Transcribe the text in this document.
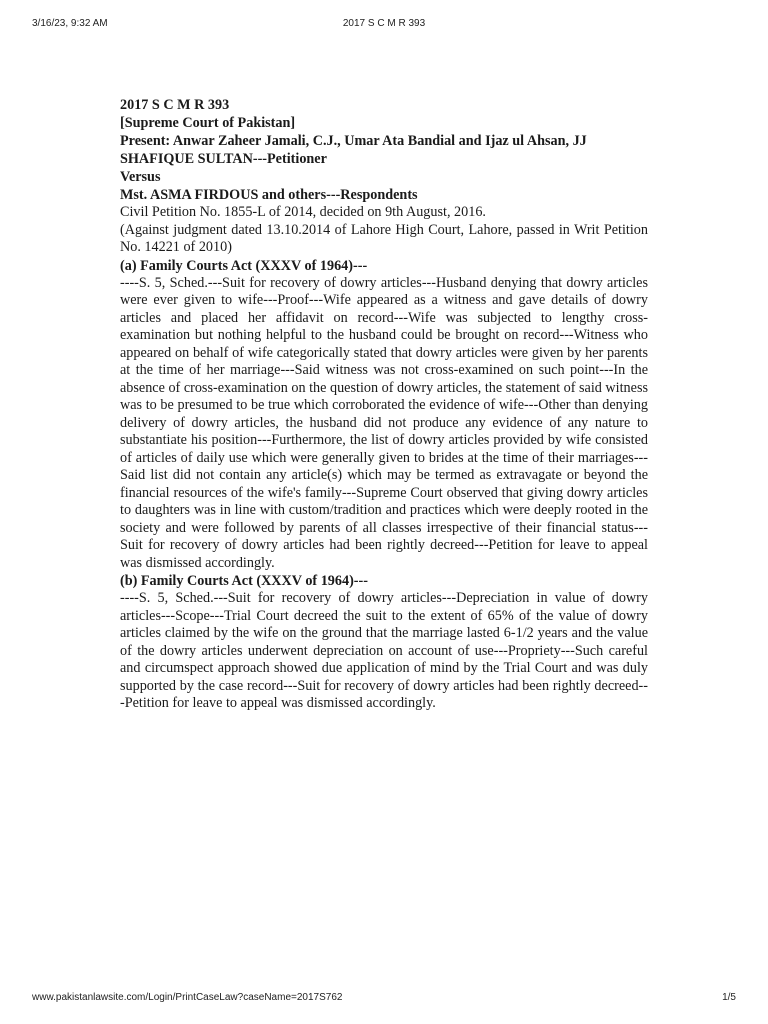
3/16/23, 9:32 AM	2017 S C M R 393

2017 S C M R 393

[Supreme Court of Pakistan]

Present: Anwar Zaheer Jamali, C.J., Umar Ata Bandial and Ijaz ul Ahsan, JJ

SHAFIQUE SULTAN---Petitioner

Versus

Mst. ASMA FIRDOUS and others---Respondents

Civil Petition No. 1855-L of 2014, decided on 9th August, 2016.

(Against judgment dated 13.10.2014 of Lahore High Court, Lahore, passed in Writ Petition No. 14221 of 2010)

(a) Family Courts Act (XXXV of 1964)---

----S. 5, Sched.---Suit for recovery of dowry articles---Husband denying that dowry articles were ever given to wife---Proof---Wife appeared as a witness and gave details of dowry articles and placed her affidavit on record---Wife was subjected to lengthy cross-examination but nothing helpful to the husband could be brought on record---Witness who appeared on behalf of wife categorically stated that dowry articles were given by her parents at the time of her marriage---Said witness was not cross-examined on such point---In the absence of cross-examination on the question of dowry articles, the statement of said witness was to be presumed to be true which corroborated the evidence of wife---Other than denying delivery of dowry articles, the husband did not produce any evidence of any nature to substantiate his position---Furthermore, the list of dowry articles provided by wife consisted of articles of daily use which were generally given to brides at the time of their marriages---Said list did not contain any article(s) which may be termed as extravagate or beyond the financial resources of the wife's family---Supreme Court observed that giving dowry articles to daughters was in line with custom/tradition and practices which were deeply rooted in the society and were followed by parents of all classes irrespective of their financial status---Suit for recovery of dowry articles had been rightly decreed---Petition for leave to appeal was dismissed accordingly.

(b) Family Courts Act (XXXV of 1964)---

----S. 5, Sched.---Suit for recovery of dowry articles---Depreciation in value of dowry articles---Scope---Trial Court decreed the suit to the extent of 65% of the value of dowry articles claimed by the wife on the ground that the marriage lasted 6-1/2 years and the value of the dowry articles underwent depreciation on account of use---Propriety---Such careful and circumspect approach showed due application of mind by the Trial Court and was duly supported by the case record---Suit for recovery of dowry articles had been rightly decreed---Petition for leave to appeal was dismissed accordingly.

www.pakistanlawsite.com/Login/PrintCaseLaw?caseName=2017S762	1/5
